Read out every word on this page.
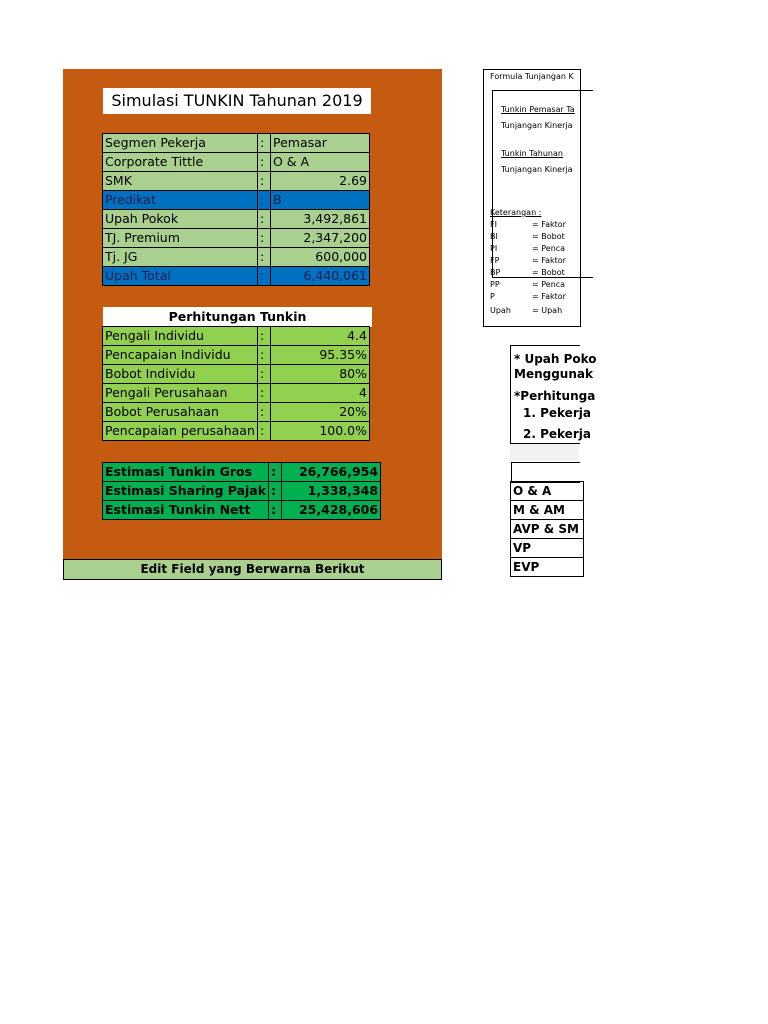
Simulasi TUNKIN Tahunan 2019
Segmen Pekerja	:	Pemasar
Corporate Tittle	:	O & A
SMK	:	2.69
Predikat	:	B
Upah Pokok	:	3,492,861
TJ. Premium	:	2,347,200
Tj. JG	:	600,000
Upah Total	:	6,440,061
Perhitungan Tunkin
Pengali Individu	:	4.4
Pencapaian Individu	:	95.35%
Bobot Individu	:	80%
Pengali Perusahaan	:	4
Bobot Perusahaan	:	20%
Pencapaian perusahaan	:	100.0%
Estimasi Tunkin Gros	:	26,766,954
Estimasi Sharing Pajak	:	1,338,348
Estimasi Tunkin Nett	:	25,428,606
Edit Field yang Berwarna Berikut
Formula Tunjangan K
Tunkin Pemasar Ta
Tunjangan Kinerja
Tunkin Tahunan
Tunjangan Kinerja
Keterangan :
FI	= Faktor
BI	= Bobot
PI	= Penca
FP	= Faktor
BP	= Bobot
PP	= Penca
P	= Faktor
Upah	= Upah
* Upah Poko
Menggunak
*Perhitunga
1. Pekerja
2. Pekerja
O & A
M & AM
AVP & SM
VP
EVP
